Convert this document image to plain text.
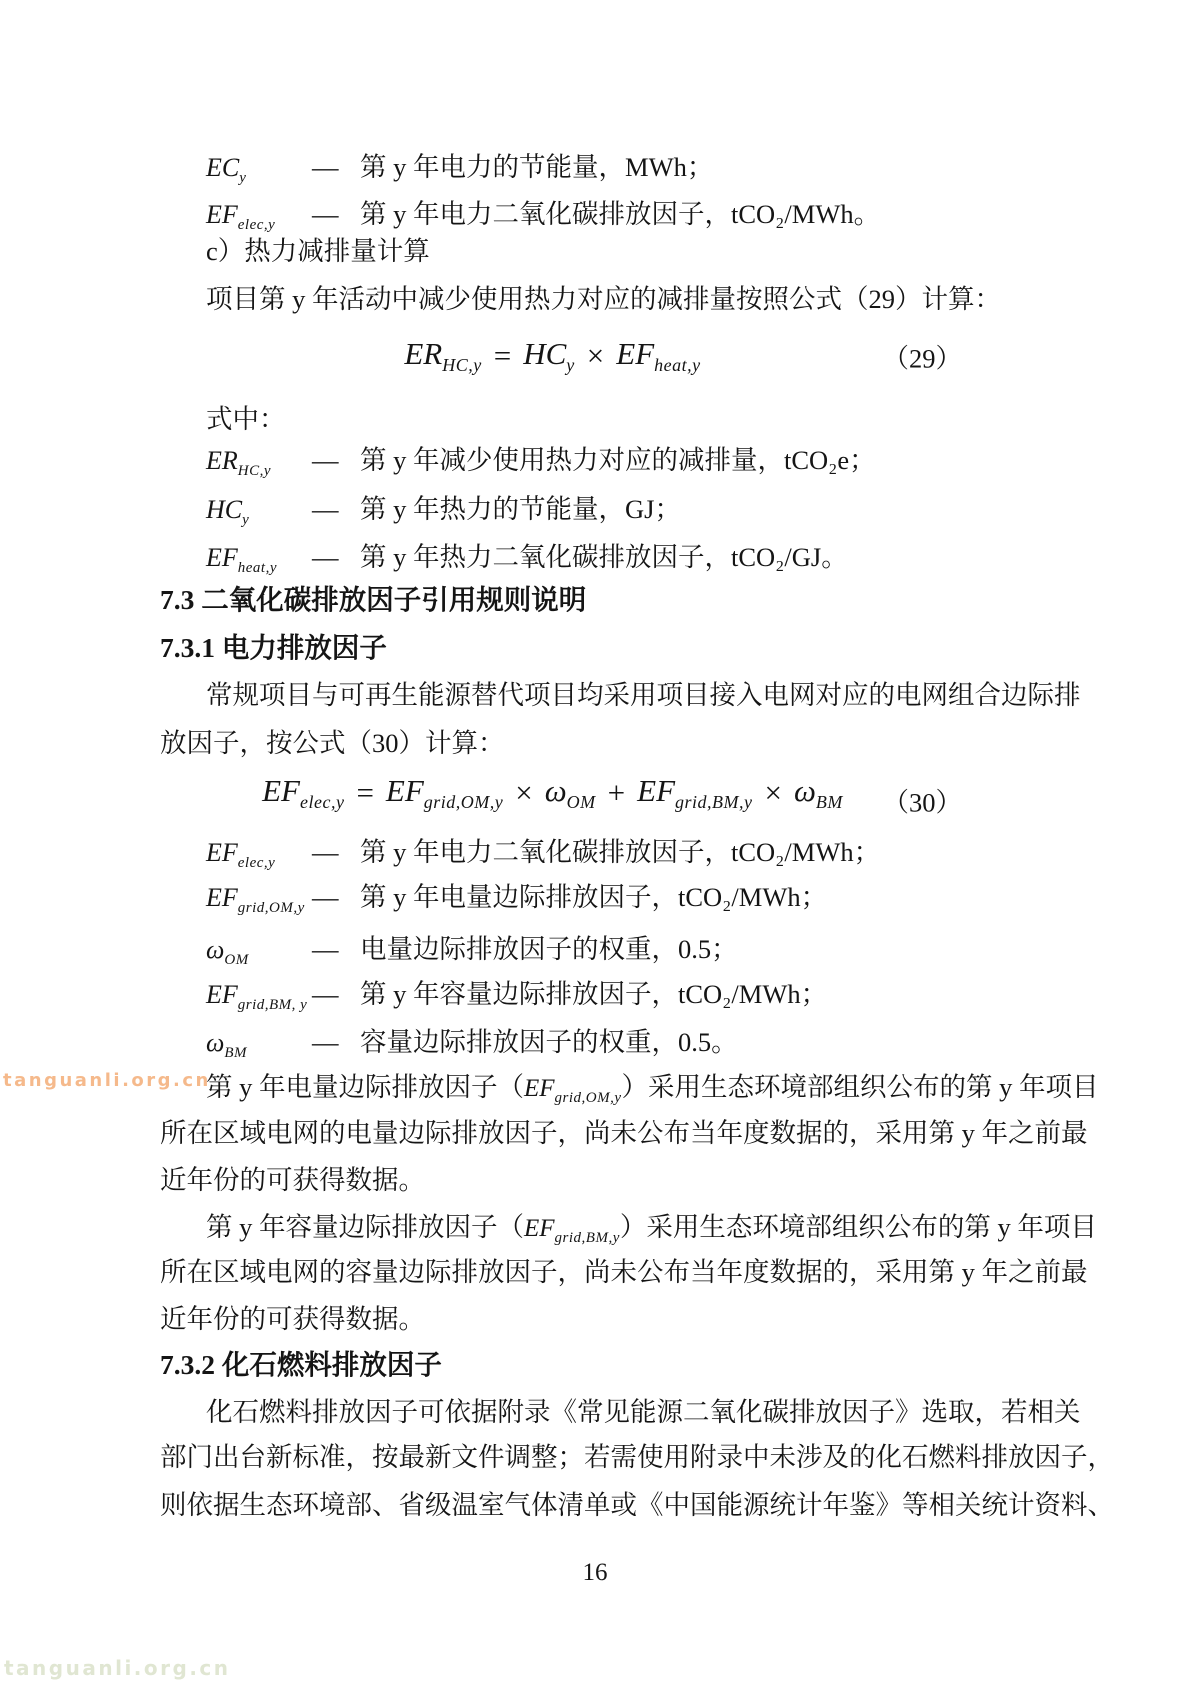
$EC_y$	— 第 y 年电力的节能量，MWh；
$EF_{elec,y}$	— 第 y 年电力二氧化碳排放因子，tCO₂/MWh。
c）热力减排量计算
项目第 y 年活动中减少使用热力对应的减排量按照公式（29）计算：
$ER_{HC,y} = HC_y \times EF_{heat,y}$	（29）
式中：
$ER_{HC,y}$	— 第 y 年减少使用热力对应的减排量，tCO₂e；
$HC_y$	— 第 y 年热力的节能量，GJ；
$EF_{heat,y}$	— 第 y 年热力二氧化碳排放因子，tCO₂/GJ。
7.3 二氧化碳排放因子引用规则说明
7.3.1 电力排放因子
常规项目与可再生能源替代项目均采用项目接入电网对应的电网组合边际排
放因子，按公式（30）计算：
$EF_{elec,y} = EF_{grid,OM,y} \times \omega_{OM} + EF_{grid,BM,y} \times \omega_{BM}$ （30）
$EF_{elec,y}$	— 第 y 年电力二氧化碳排放因子，tCO₂/MWh；
$EF_{grid,OM,y}$ — 第 y 年电量边际排放因子，tCO₂/MWh；
$\omega_{OM}$	— 电量边际排放因子的权重，0.5；
$EF_{grid,BM, y}$ — 第 y 年容量边际排放因子，tCO₂/MWh；
$\omega_{BM}$	— 容量边际排放因子的权重，0.5。
第 y 年电量边际排放因子$(EF_{grid,OM,y})$采用生态环境部组织公布的第 y 年项目
所在区域电网的电量边际排放因子，尚未公布当年度数据的，采用第 y 年之前最
近年份的可获得数据。
第 y 年容量边际排放因子$(EF_{grid,BM,y})$采用生态环境部组织公布的第 y 年项目
所在区域电网的容量边际排放因子，尚未公布当年度数据的，采用第 y 年之前最
近年份的可获得数据。
7.3.2 化石燃料排放因子
化石燃料排放因子可依据附录《常见能源二氧化碳排放因子》选取，若相关
部门出台新标准，按最新文件调整；若需使用附录中未涉及的化石燃料排放因子，
则依据生态环境部、省级温室气体清单或《中国能源统计年鉴》等相关统计资料、
16
tanguanli.org.cn
tanguanli.org.cn
